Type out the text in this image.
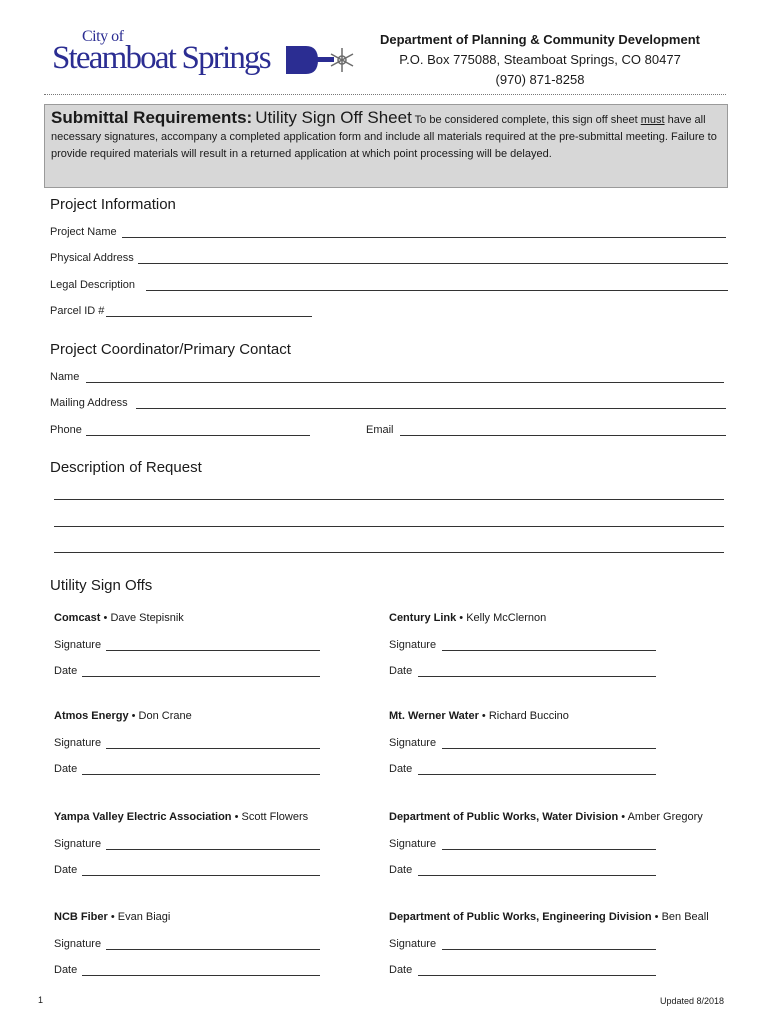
City of
Steamboat Springs
Department of Planning & Community Development
P.O. Box 775088, Steamboat Springs, CO 80477
(970) 871-8258
Submittal Requirements: Utility Sign Off Sheet To be considered complete, this sign off sheet must have all necessary signatures, accompany a completed application form and include all materials required at the pre-submittal meeting. Failure to provide required materials will result in a returned application at which point processing will be delayed.
Project Information
Project Name
Physical Address
Legal Description
Parcel ID #
Project Coordinator/Primary Contact
Name
Mailing Address
Phone	Email
Description of Request
Utility Sign Offs
Comcast • Dave Stepisnik
Signature
Date
Century Link • Kelly McClernon
Signature
Date
Atmos Energy • Don Crane
Signature
Date
Mt. Werner Water • Richard Buccino
Signature
Date
Yampa Valley Electric Association • Scott Flowers
Signature
Date
Department of Public Works, Water Division • Amber Gregory
Signature
Date
NCB Fiber • Evan Biagi
Signature
Date
Department of Public Works, Engineering Division • Ben Beall
Signature
Date
1	Updated 8/2018
